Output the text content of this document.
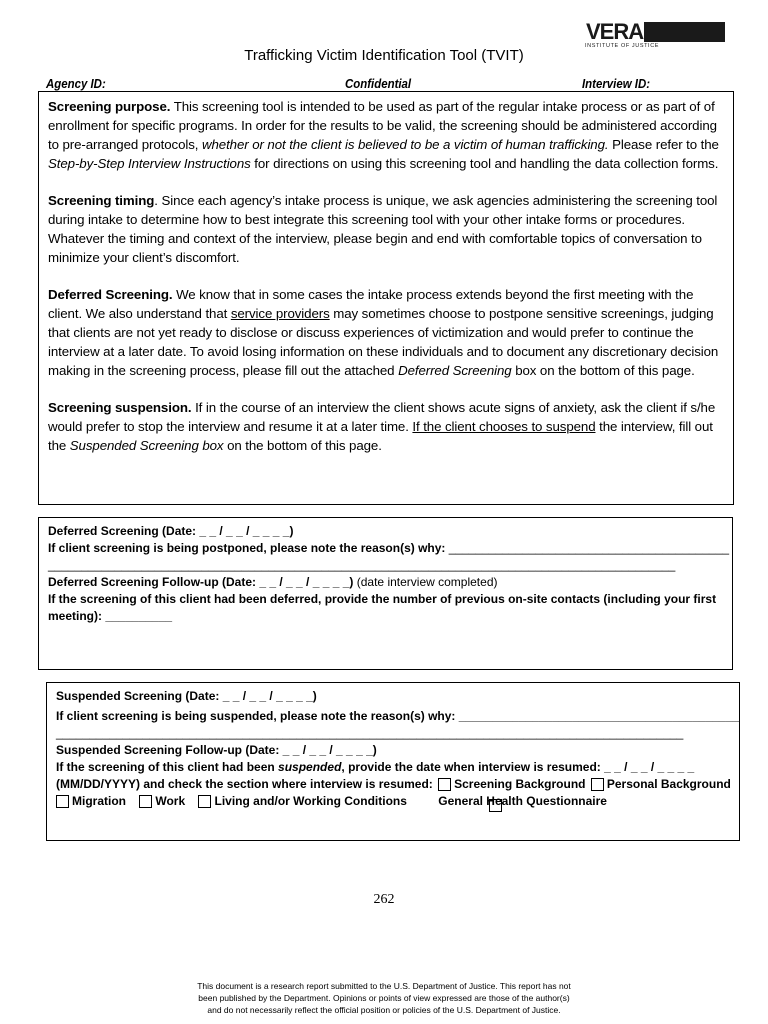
VERA
INSTITUTE OF JUSTICE
Trafficking Victim Identification Tool (TVIT)
Agency ID:	Confidential	Interview ID:

Screening purpose. This screening tool is intended to be used as part of the regular intake process or as part of of enrollment for specific programs. In order for the results to be valid, the screening should be administered according to pre-arranged protocols, whether or not the client is believed to be a victim of human trafficking. Please refer to the Step-by-Step Interview Instructions for directions on using this screening tool and handling the data collection forms.

Screening timing. Since each agency’s intake process is unique, we ask agencies administering the screening tool during intake to determine how to best integrate this screening tool with your other intake forms or procedures. Whatever the timing and context of the interview, please begin and end with comfortable topics of conversation to minimize your client’s discomfort.

Deferred Screening. We know that in some cases the intake process extends beyond the first meeting with the client. We also understand that service providers may sometimes choose to postpone sensitive screenings, judging that clients are not yet ready to disclose or discuss experiences of victimization and would prefer to continue the interview at a later date. To avoid losing information on these individuals and to document any discretionary decision making in the screening process, please fill out the attached Deferred Screening box on the bottom of this page.

Screening suspension. If in the course of an interview the client shows acute signs of anxiety, ask the client if s/he would prefer to stop the interview and resume it at a later time. If the client chooses to suspend the interview, fill out the Suspended Screening box on the bottom of this page.

Deferred Screening (Date: _ _ / _ _ / _ _ _ _)
If client screening is being postponed, please note the reason(s) why: __________________________________________
______________________________________________________________________________________________
Deferred Screening Follow-up (Date: _ _ / _ _ / _ _ _ _) (date interview completed)
If the screening of this client had been deferred, provide the number of previous on-site contacts (including your first
meeting): __________
Suspended Screening (Date: _ _ / _ _ / _ _ _ _)
If client screening is being suspended, please note the reason(s) why: __________________________________________
______________________________________________________________________________________________
Suspended Screening Follow-up (Date: _ _ / _ _ / _ _ _ _)
If the screening of this client had been suspended, provide the date when interview is resumed: _ _ / _ _ / _ _ _ _
(MM/DD/YYYY) and check the section where interview is resumed: Screening Background Personal Background
Migration Work Living and/or Working Conditions	General Health Questionnaire
262
This document is a research report submitted to the U.S. Department of Justice. This report has not
been published by the Department. Opinions or points of view expressed are those of the author(s)
and do not necessarily reflect the official position or policies of the U.S. Department of Justice.
